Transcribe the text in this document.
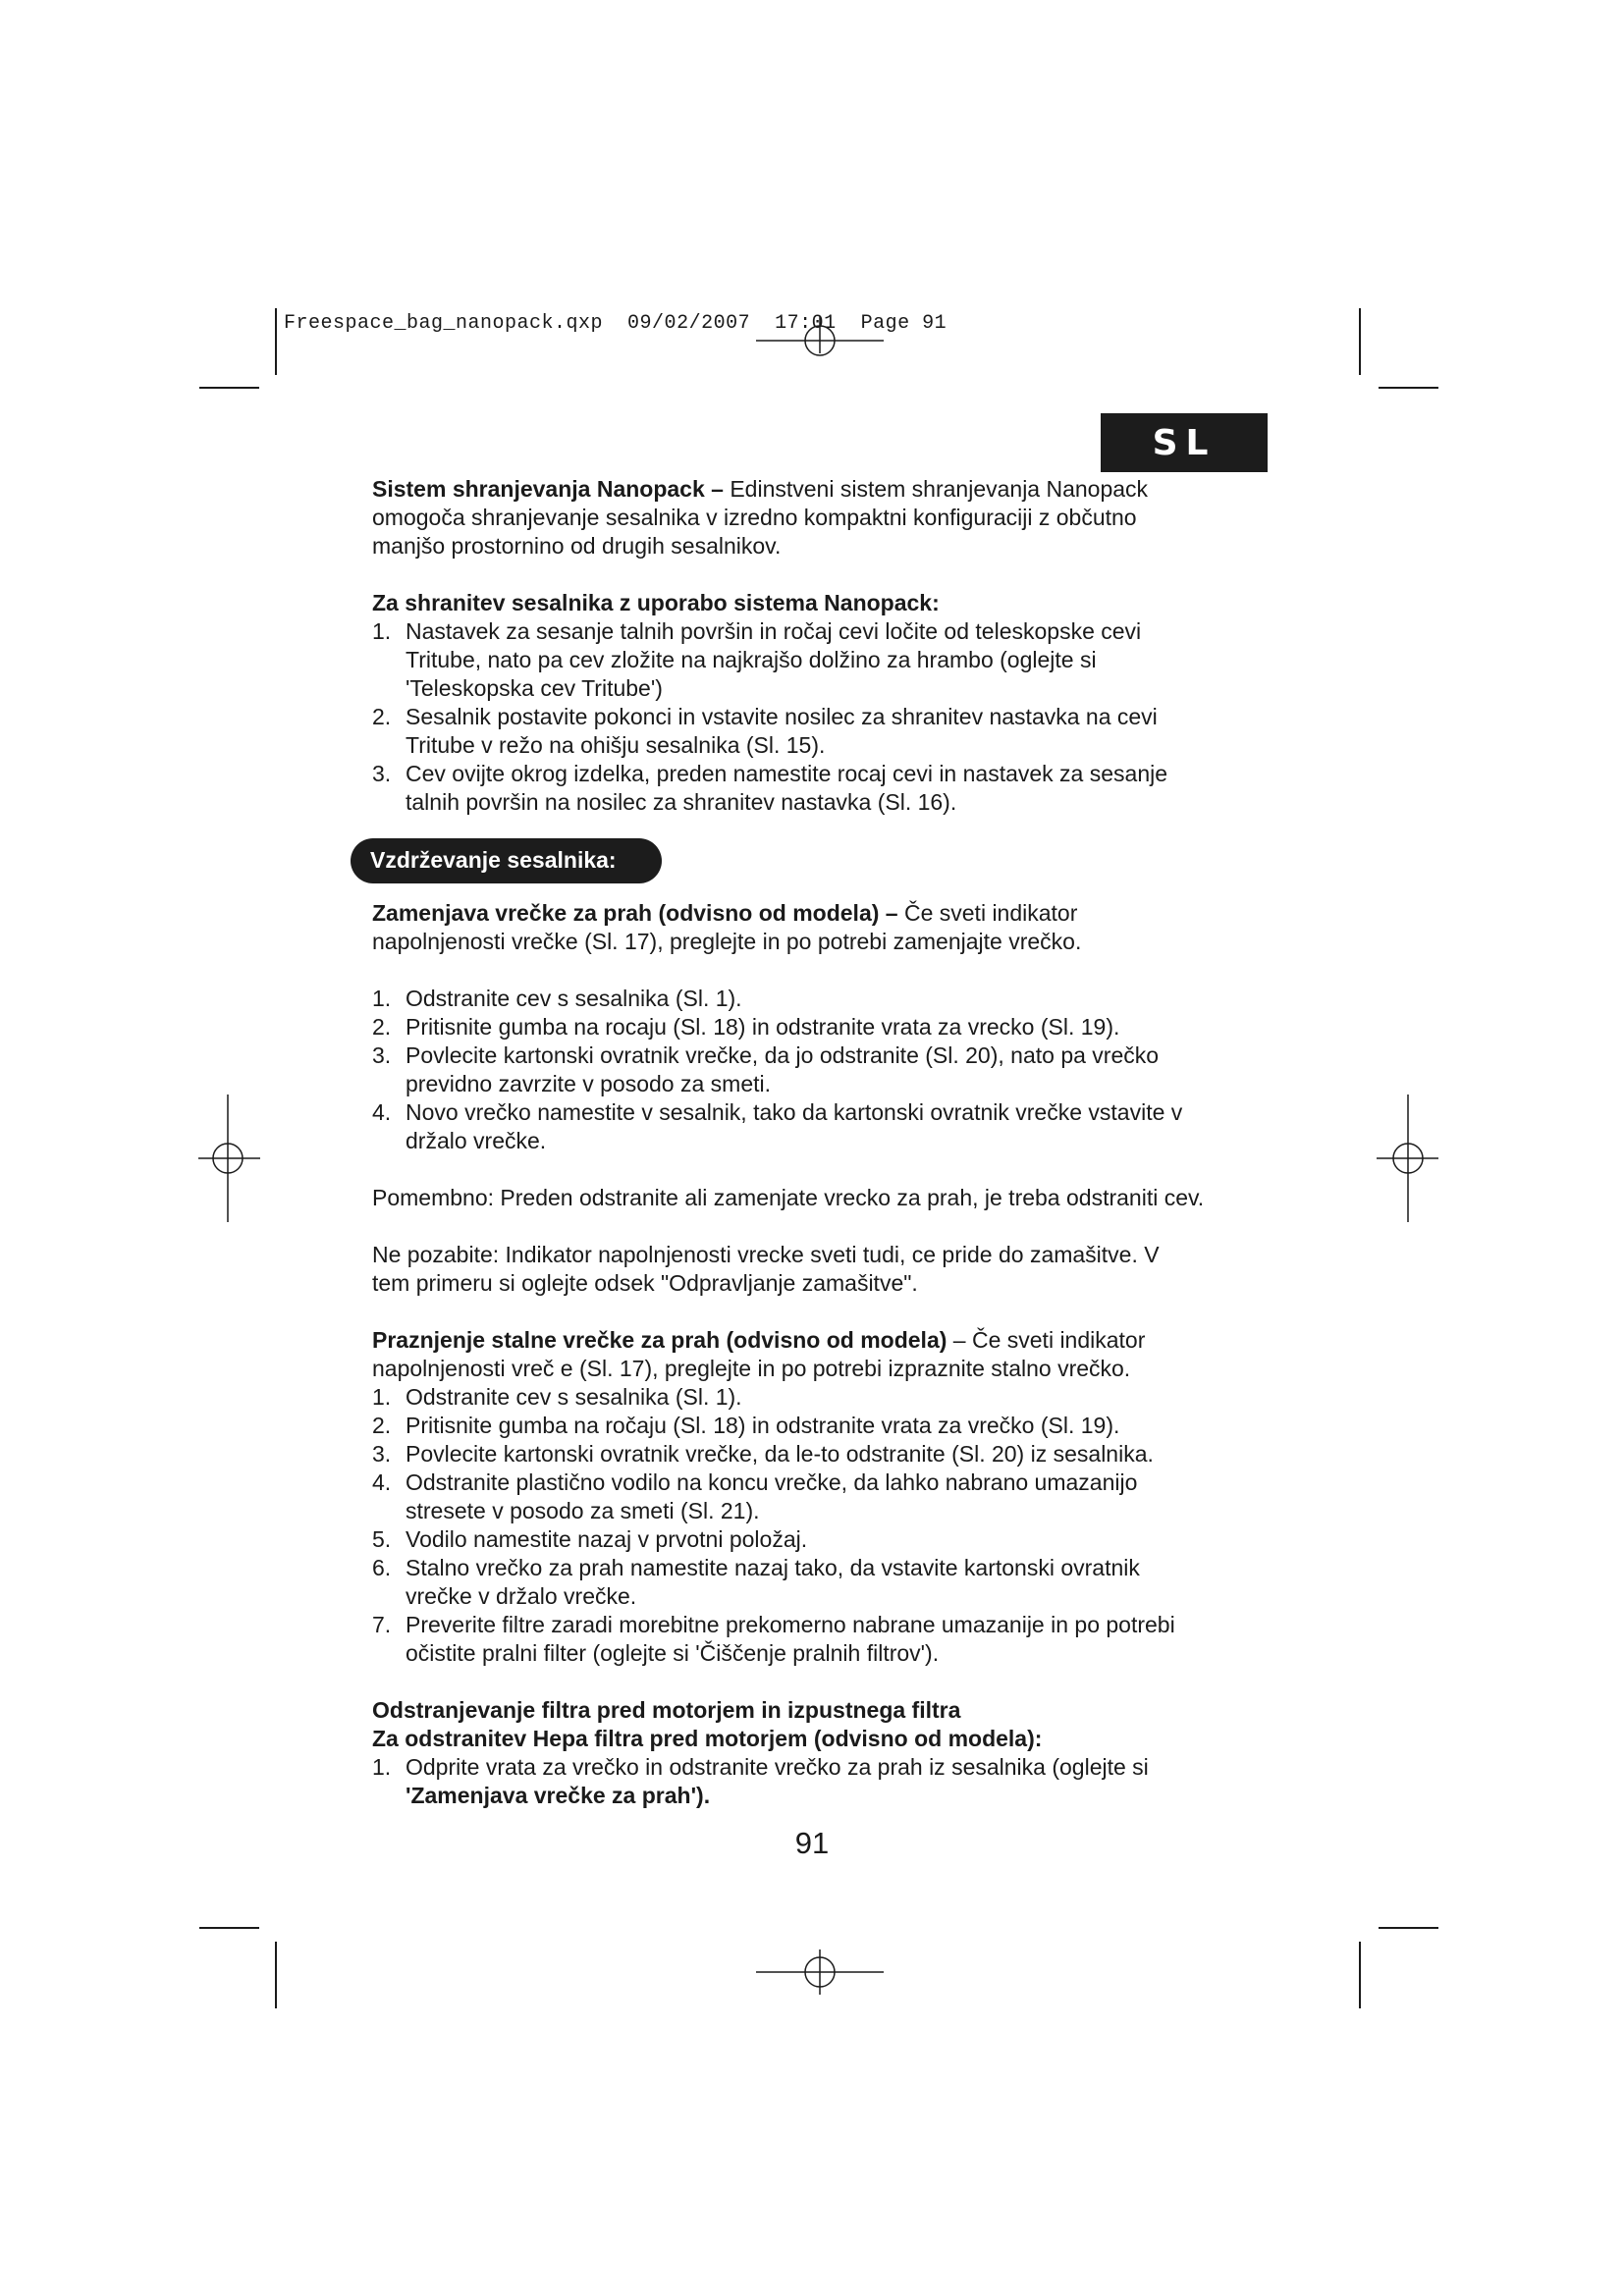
Freespace_bag_nanopack.qxp  09/02/2007  17:01  Page 91
SL

Sistem shranjevanja Nanopack – Edinstveni sistem shranjevanja Nanopack

omogoča shranjevanje sesalnika v izredno kompaktni konfiguraciji z občutno

manjšo prostornino od drugih sesalnikov.

Za shranitev sesalnika z uporabo sistema Nanopack:

1. Nastavek za sesanje talnih površin in ročaj cevi ločite od teleskopske cevi
Tritube, nato pa cev zložite na najkrajšo dolžino za hrambo (oglejte si
'Teleskopska cev Tritube')
2. Sesalnik postavite pokonci in vstavite nosilec za shranitev nastavka na cevi
Tritube v režo na ohišju sesalnika (Sl. 15).
3. Cev ovijte okrog izdelka, preden namestite rocaj cevi in nastavek za sesanje
talnih površin na nosilec za shranitev nastavka (Sl. 16).
Vzdrževanje sesalnika:

Zamenjava vrečke za prah (odvisno od modela) – Če sveti indikator

napolnjenosti vrečke (Sl. 17), preglejte in po potrebi zamenjajte vrečko.

1. Odstranite cev s sesalnika (Sl. 1).
2. Pritisnite gumba na rocaju (Sl. 18) in odstranite vrata za vrecko (Sl. 19).
3. Povlecite kartonski ovratnik vrečke, da jo odstranite (Sl. 20), nato pa vrečko
previdno zavrzite v posodo za smeti.
4. Novo vrečko namestite v sesalnik, tako da kartonski ovratnik vrečke vstavite v
držalo vrečke.

Pomembno: Preden odstranite ali zamenjate vrecko za prah, je treba odstraniti cev.

Ne pozabite: Indikator napolnjenosti vrecke sveti tudi, ce pride do zamašitve. V

tem primeru si oglejte odsek "Odpravljanje zamašitve".

Praznjenje stalne vrečke za prah (odvisno od modela) – Če sveti indikator

napolnjenosti vreč e (Sl. 17), preglejte in po potrebi izpraznite stalno vrečko.

1. Odstranite cev s sesalnika (Sl. 1).
2. Pritisnite gumba na ročaju (Sl. 18) in odstranite vrata za vrečko (Sl. 19).
3. Povlecite kartonski ovratnik vrečke, da le-to odstranite (Sl. 20) iz sesalnika.
4. Odstranite plastično vodilo na koncu vrečke, da lahko nabrano umazanijo
stresete v posodo za smeti (Sl. 21).
5. Vodilo namestite nazaj v prvotni položaj.
6. Stalno vrečko za prah namestite nazaj tako, da vstavite kartonski ovratnik
vrečke v držalo vrečke.
7. Preverite filtre zaradi morebitne prekomerno nabrane umazanije in po potrebi
očistite pralni filter (oglejte si 'Čiščenje pralnih filtrov').

Odstranjevanje filtra pred motorjem in izpustnega filtra

Za odstranitev Hepa filtra pred motorjem (odvisno od modela):

1. Odprite vrata za vrečko in odstranite vrečko za prah iz sesalnika (oglejte si
'Zamenjava vrečke za prah').
91
